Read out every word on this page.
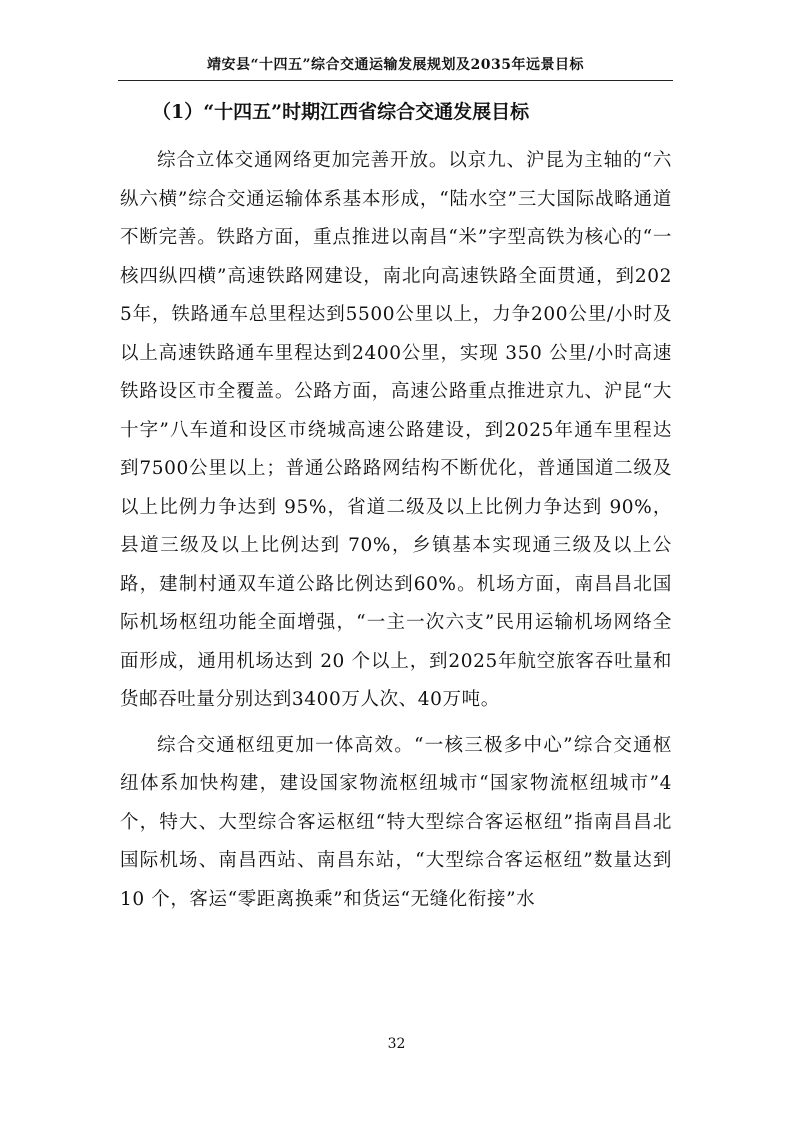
靖安县“十四五”综合交通运输发展规划及2035年远景目标
（1）“十四五”时期江西省综合交通发展目标

综合立体交通网络更加完善开放。以京九、沪昆为主轴的“六纵六横”综合交通运输体系基本形成，“陆水空”三大国际战略通道不断完善。铁路方面，重点推进以南昌“米”字型高铁为核心的“一核四纵四横”高速铁路网建设，南北向高速铁路全面贯通，到2025年，铁路通车总里程达到5500公里以上，力争200公里/小时及以上高速铁路通车里程达到2400公里，实现 350 公里/小时高速铁路设区市全覆盖。公路方面，高速公路重点推进京九、沪昆“大十字”八车道和设区市绕城高速公路建设，到2025年通车里程达到7500公里以上；普通公路路网结构不断优化，普通国道二级及以上比例力争达到 95%，省道二级及以上比例力争达到 90%，县道三级及以上比例达到 70%，乡镇基本实现通三级及以上公路，建制村通双车道公路比例达到60%。机场方面，南昌昌北国际机场枢纽功能全面增强，“一主一次六支”民用运输机场网络全面形成，通用机场达到 20 个以上，到2025年航空旅客吞吐量和货邮吞吐量分别达到3400万人次、40万吨。

综合交通枢纽更加一体高效。“一核三极多中心”综合交通枢纽体系加快构建，建设国家物流枢纽城市“国家物流枢纽城市”4个，特大、大型综合客运枢纽“特大型综合客运枢纽”指南昌昌北国际机场、南昌西站、南昌东站，“大型综合客运枢纽”数量达到 10 个，客运“零距离换乘”和货运“无缝化衔接”水

32
